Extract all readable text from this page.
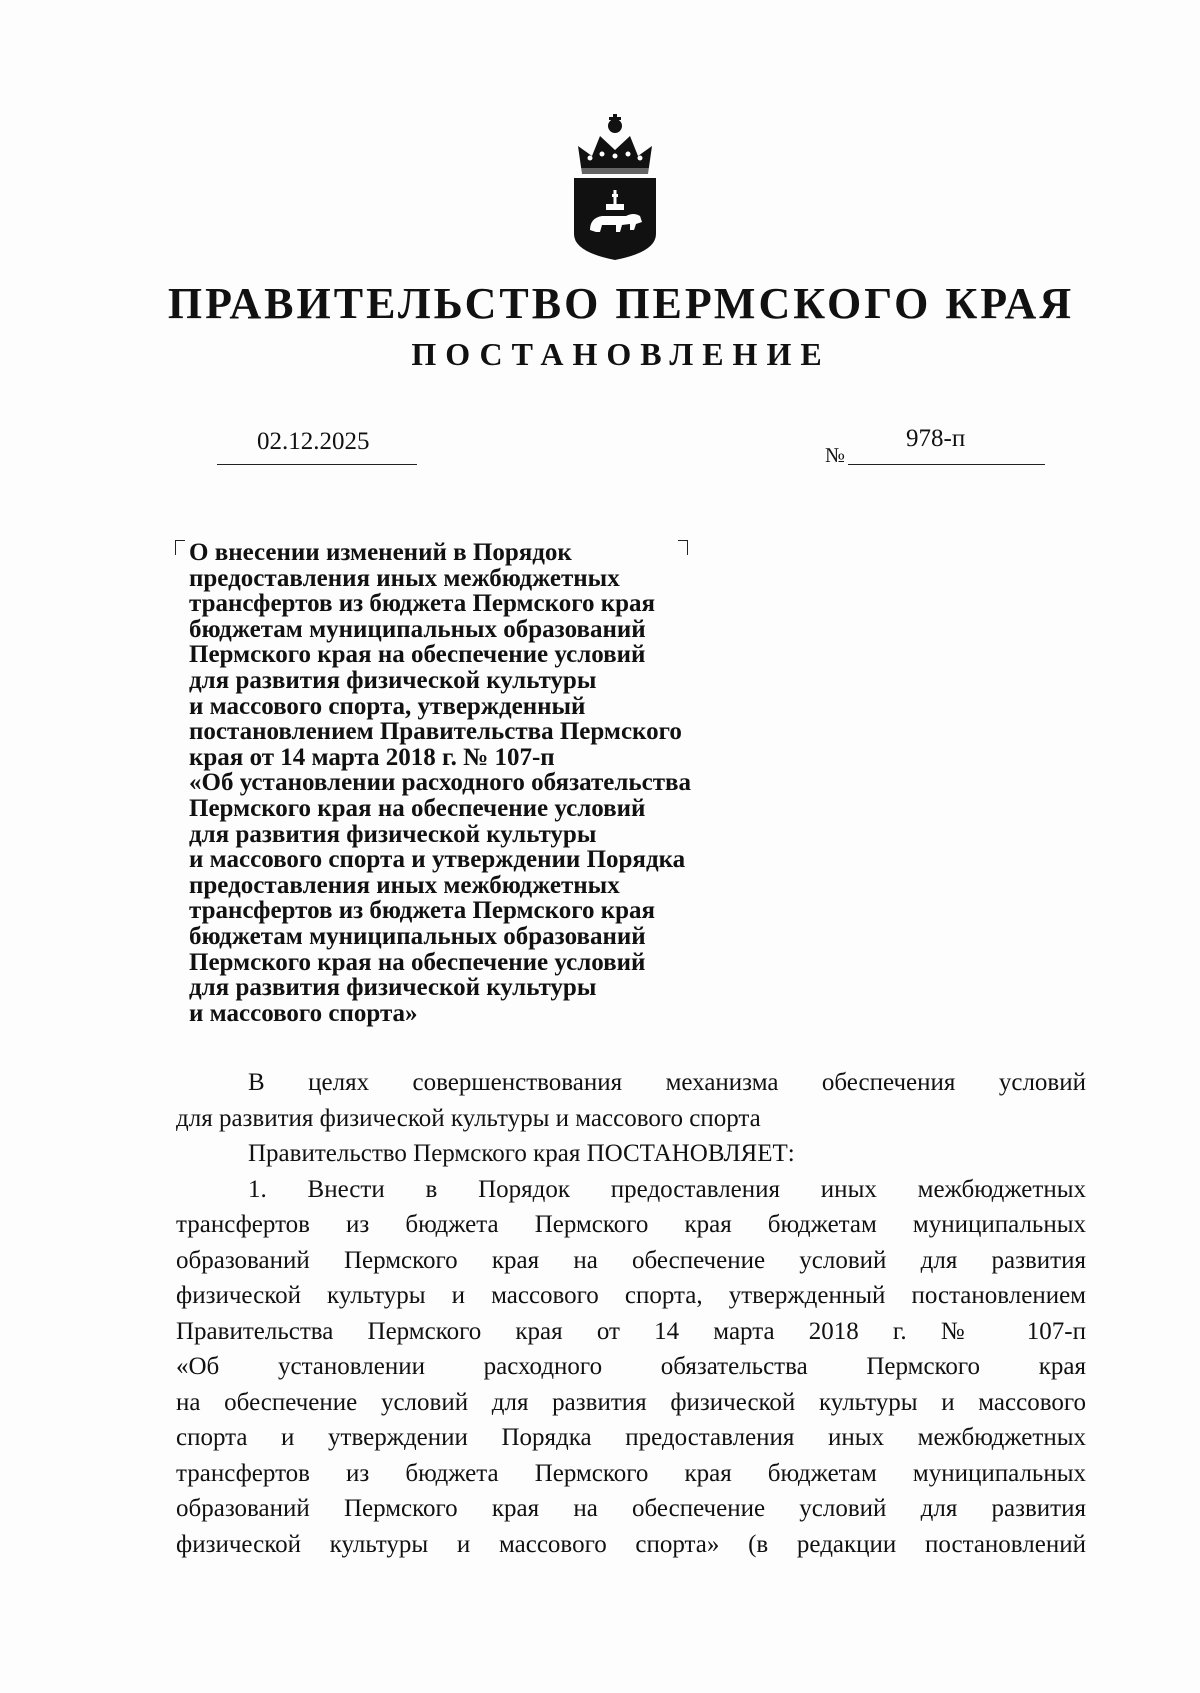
ПРАВИТЕЛЬСТВО ПЕРМСКОГО КРАЯ
ПОСТАНОВЛЕНИЕ
02.12.2025	№
978-п
О внесении изменений в Порядок
предоставления иных межбюджетных
трансфертов из бюджета Пермского края
бюджетам муниципальных образований
Пермского края на обеспечение условий
для развития физической культуры
и массового спорта, утвержденный
постановлением Правительства Пермского
края от 14 марта 2018 г. № 107-п
«Об установлении расходного обязательства
Пермского края на обеспечение условий
для развития физической культуры
и массового спорта и утверждении Порядка
предоставления иных межбюджетных
трансфертов из бюджета Пермского края
бюджетам муниципальных образований
Пермского края на обеспечение условий
для развития физической культуры
и массового спорта»

В целях совершенствования механизма обеспечения условий
для развития физической культуры и массового спорта

Правительство Пермского края ПОСТАНОВЛЯЕТ:

1. Внести в Порядок предоставления иных межбюджетных
трансфертов из бюджета Пермского края бюджетам муниципальных
образований Пермского края на обеспечение условий для развития
физической культуры и массового спорта, утвержденный постановлением
Правительства Пермского края от 14 марта 2018 г. № 107-п
«Об установлении расходного обязательства Пермского края
на обеспечение условий для развития физической культуры и массового
спорта и утверждении Порядка предоставления иных межбюджетных
трансфертов из бюджета Пермского края бюджетам муниципальных
образований Пермского края на обеспечение условий для развития
физической культуры и массового спорта» (в редакции постановлений
